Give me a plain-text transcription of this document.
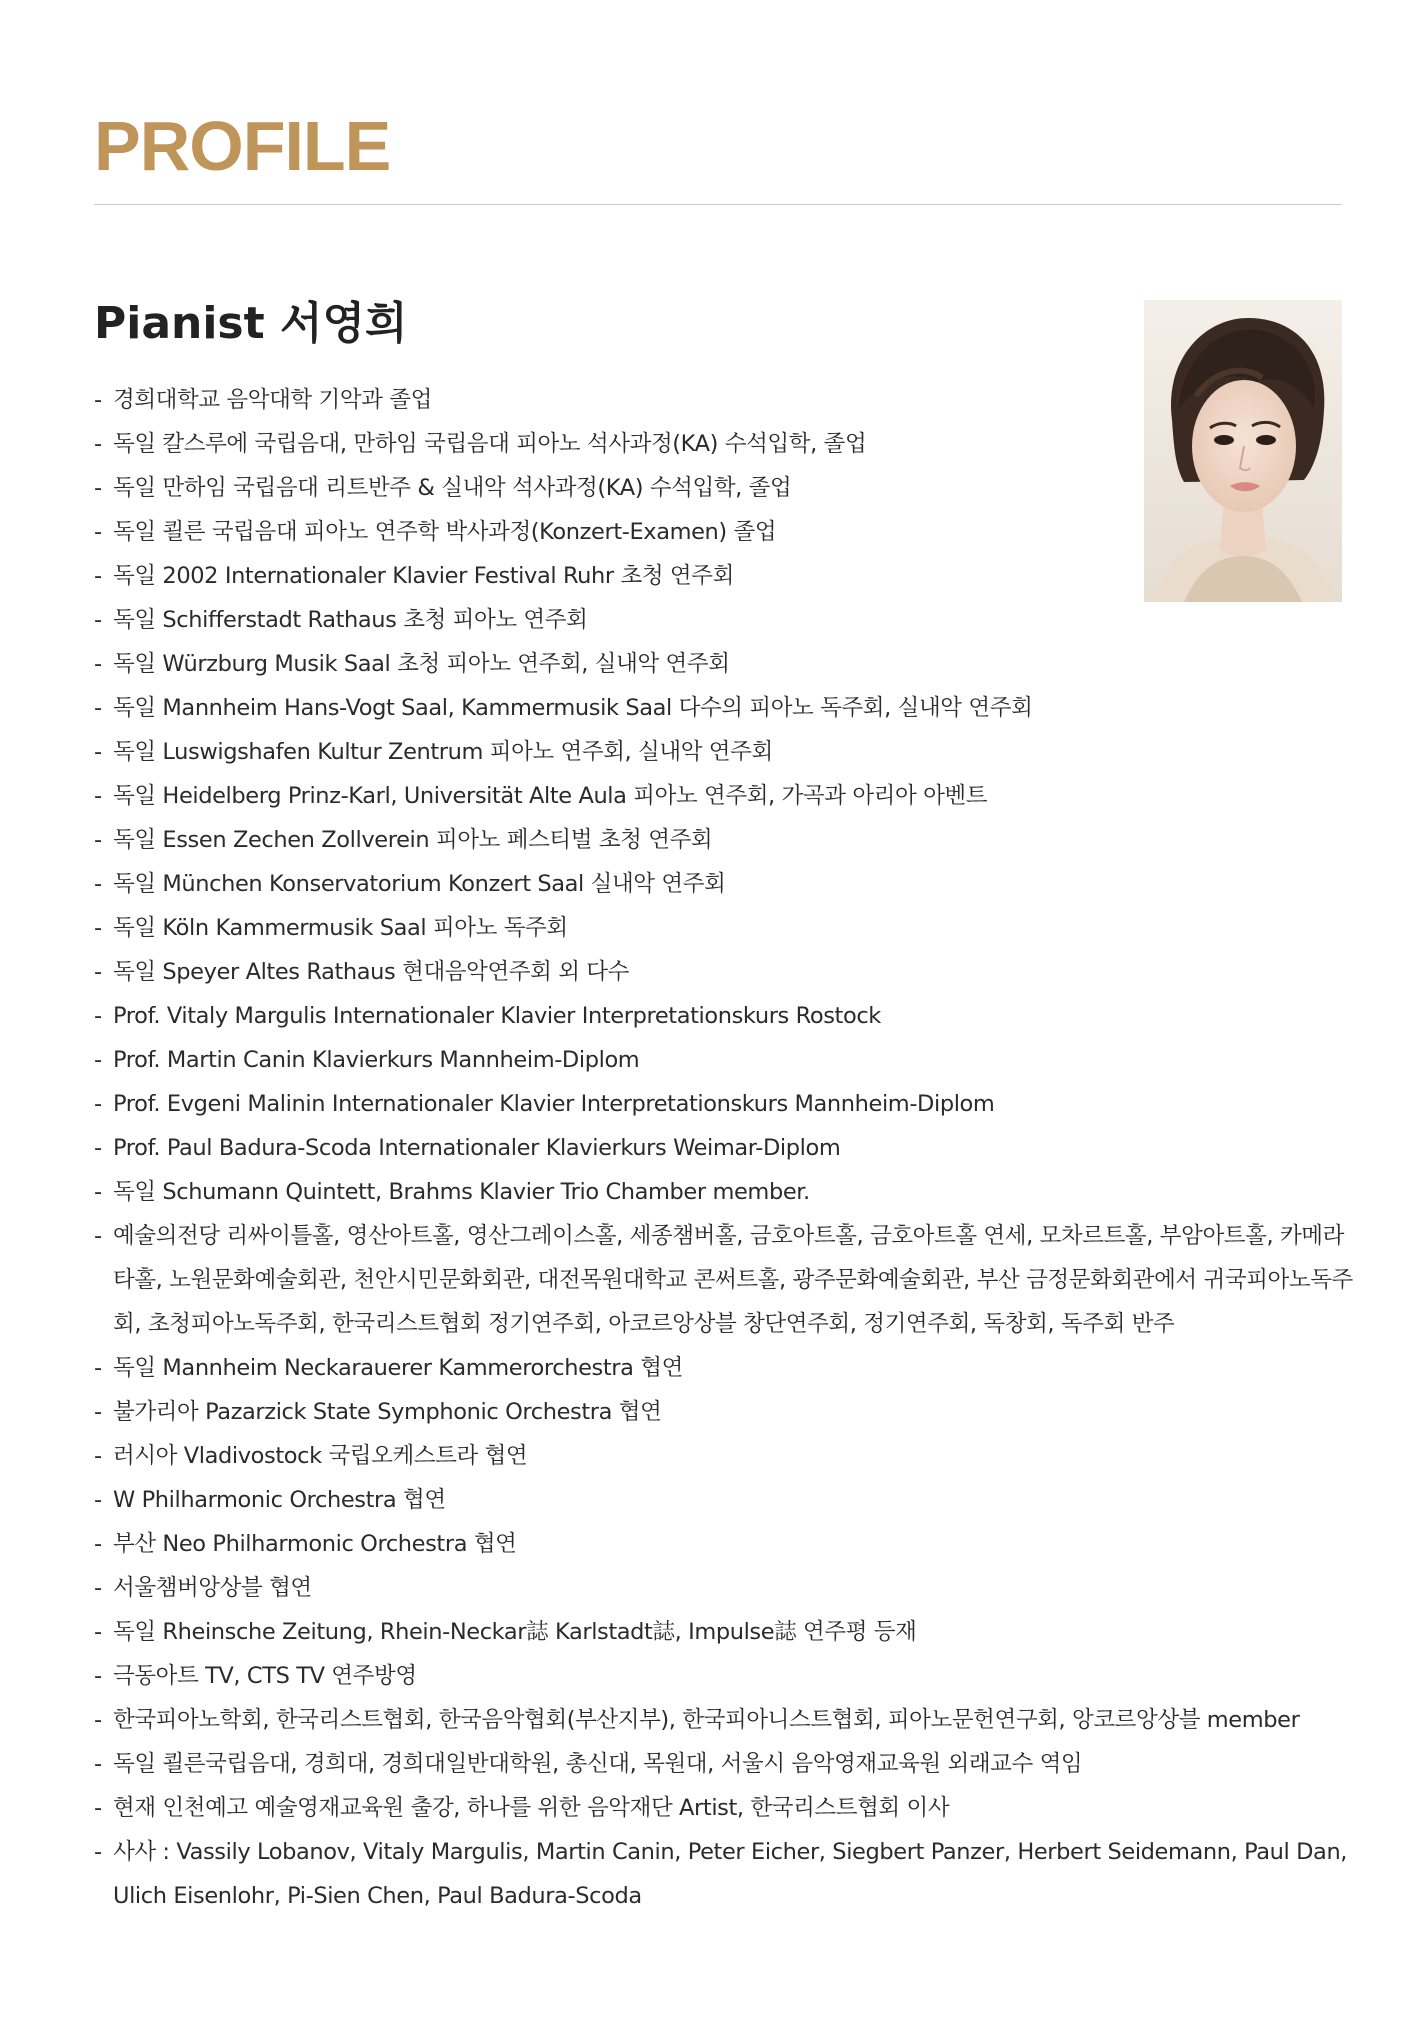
PROFILE
Pianist 서영희
- 경희대학교 음악대학 기악과 졸업
- 독일 칼스루에 국립음대, 만하임 국립음대 피아노 석사과정(KA) 수석입학, 졸업
- 독일 만하임 국립음대 리트반주 & 실내악 석사과정(KA) 수석입학, 졸업
- 독일 쾰른 국립음대 피아노 연주학 박사과정(Konzert-Examen) 졸업
- 독일 2002 Internationaler Klavier Festival Ruhr 초청 연주회
- 독일 Schifferstadt Rathaus 초청 피아노 연주회
- 독일 Würzburg Musik Saal 초청 피아노 연주회, 실내악 연주회
- 독일 Mannheim Hans-Vogt Saal, Kammermusik Saal 다수의 피아노 독주회, 실내악 연주회
- 독일 Luswigshafen Kultur Zentrum 피아노 연주회, 실내악 연주회
- 독일 Heidelberg Prinz-Karl, Universität Alte Aula 피아노 연주회, 가곡과 아리아 아벤트
- 독일 Essen Zechen Zollverein 피아노 페스티벌 초청 연주회
- 독일 München Konservatorium Konzert Saal 실내악 연주회
- 독일 Köln Kammermusik Saal 피아노 독주회
- 독일 Speyer Altes Rathaus 현대음악연주회 외 다수
- Prof. Vitaly Margulis Internationaler Klavier Interpretationskurs Rostock
- Prof. Martin Canin Klavierkurs Mannheim-Diplom
- Prof. Evgeni Malinin Internationaler Klavier Interpretationskurs Mannheim-Diplom
- Prof. Paul Badura-Scoda Internationaler Klavierkurs Weimar-Diplom
- 독일 Schumann Quintett, Brahms Klavier Trio Chamber member.
- 예술의전당 리싸이틀홀, 영산아트홀, 영산그레이스홀, 세종챔버홀, 금호아트홀, 금호아트홀 연세, 모차르트홀, 부암아트홀, 카메라타홀, 노원문화예술회관, 천안시민문화회관, 대전목원대학교 콘써트홀, 광주문화예술회관, 부산 금정문화회관에서 귀국피아노독주회, 초청피아노독주회, 한국리스트협회 정기연주회, 아코르앙상블 창단연주회, 정기연주회, 독창회, 독주회 반주
- 독일 Mannheim Neckarauerer Kammerorchestra 협연
- 불가리아 Pazarzick State Symphonic Orchestra 협연
- 러시아 Vladivostock 국립오케스트라 협연
- W Philharmonic Orchestra 협연
- 부산 Neo Philharmonic Orchestra 협연
- 서울챔버앙상블 협연
- 독일 Rheinsche Zeitung, Rhein-Neckar誌 Karlstadt誌, Impulse誌 연주평 등재
- 극동아트 TV, CTS TV 연주방영
- 한국피아노학회, 한국리스트협회, 한국음악협회(부산지부), 한국피아니스트협회, 피아노문헌연구회, 앙코르앙상블 member
- 독일 쾰른국립음대, 경희대, 경희대일반대학원, 총신대, 목원대, 서울시 음악영재교육원 외래교수 역임
- 현재 인천예고 예술영재교육원 출강, 하나를 위한 음악재단 Artist, 한국리스트협회 이사
- 사사 : Vassily Lobanov, Vitaly Margulis, Martin Canin, Peter Eicher, Siegbert Panzer, Herbert Seidemann, Paul Dan, Ulich Eisenlohr, Pi-Sien Chen, Paul Badura-Scoda
